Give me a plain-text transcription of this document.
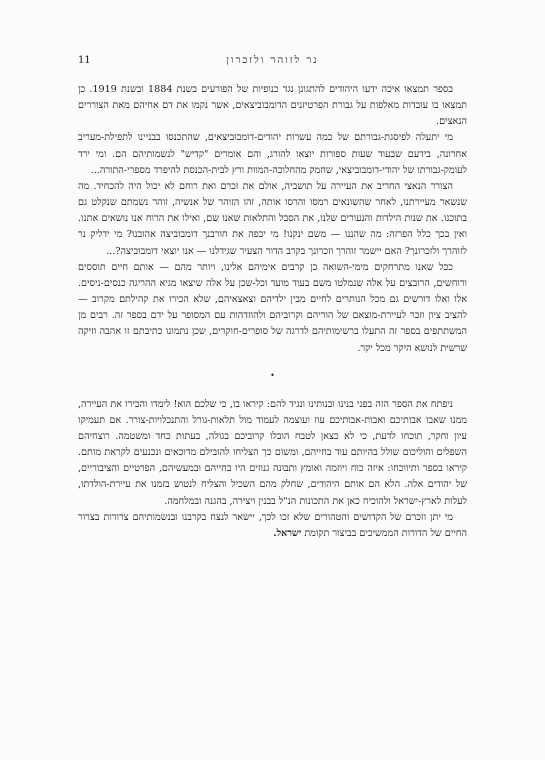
11	נר לזוהר ולזכרון

בספר תמצאו איכה ידעו היהודים להתגונן נגד כנופיות של הפורעים בשנת 1884 ובשנת 1919. כן תמצאו בו עובדות מאלפות על גבורת הפרטיזנים הדומבוביצאים, אשר נקמו את דם אחיהם מאת הצוררים הנאצים.

מי יתעלה לפיסגת-גבורתם של כמה עשרות יהודים-דומבוביצאים, שהתכנסו בבניינו לתפילת-מעריב אחרונה, בידעם שבעוד שעות ספורות יוצאו להורג, והם אומרים "קדיש" לנשמותיהם הם. ומי ירד לעומק-גבורתו של יהודי-דומבוביצאי, שחמק מהחלוכה-המוות ורץ לבית-הכנסת להיפרד מספרי-התורה...

הצורר הנאצי החריב את העיירה על תושביה, אולם את זכרם ואת רוחם לא יכול היה להכחיד. מה שנשאר מעיירתנו, לאחר שהשונאים רמסו והרסו אותה, זהו הזוהר של אנשיה, זוהר נשמתם שנקלט גם בתוכנו. את שנות הילדות והנעורים שלנו, את הסבל והתלאות שאנו שם, ואילו את הרוח אנו נושאים אתנו. ואין בכך כלל הפרזה: מה שהננו — משם ינקנו! מי יכפה את חורבנך דומבוביצה אהובנו? מי ידליק נר לזוהרך ולזכרונך? האם יישמר זוהרך וזכרונך בקרב הדור הצעיר שגידלנו — אנו יוצאי דומבוביצה?...

ככל שאנו מתרחקים מימי-השואה כן קרבים אימיהם אלינו, ויותר מהם — אותם חיים תוססים ורוחשים, הרובצים על אלה שנמלטו משם בעוד מועד וכל-שכן על אלה שיצאו מגיא ההריגה כנסים-ניסים. אלו ואלו דורשים גם מכל הנותרים לחיים מבין ילדיהם וצאצאיהם, שלא הכירו את קהילתם מקרוב — להציב ציון וזכר לעיירת-מוצאם של הוריהם וקרוביהם ולהוזדהות עם המסופר על ידם בספר זה. רבים מן המשתתפים בספר זה התעלו ברשימותיהם לדרגה של סופרים-חוקרים, שכן נתמונו כתיבתם זו אהבה וזיקה שרשית לנושא היקר מכל יקר.

•

ניפתח את הספר הזה בפני בנינו ובנותינו ונגיד להם: קיראו בו, כי שלכם הוא! לימדו והכירו את העיירה, ממנו שאבו אבותיכם ואבות-אבותיכם עוז ועוצמה לעמוד מול תלאות-גורל והתנכלויות-צורר. אם תעמיקו עיון וחקר, תוכחו לדעת, כי לא כצאן לטבח הובלו קרוביכם בגולה, בעתות כחד ומשטמה. רוצחיהם השפלים והוליכום שולל בהיותם עוד בחייהם, ומשום כך הצליחו להובילם מדוכאים ונכנעים לקראת מותם. קיראו בספר ותיווכחו: איזה כוח ויוזמה ואומץ ותבונה גנוזים היו בחייהם ובמעשיהם, הפרטיים והציבוריים, של יהודים אלה. הלא הם אותם היהודים, שחלק מהם השכיל והצליח לנטוש בזמנו את עיירת-הולדתו, לעלות לארץ-ישראל ולהוכיח כאן את התכונות הנ"ל בבנין ויצירה, בהגנה ובמלחמה.

מי יתן וזכרם של הקדושים והטהורים שלא זכו לכך, יישאר לנצח בקרבנו ובנשמותיהם צרורות בצרור החיים של הדורות הממשיכים בביצור תקומת ישראל.
